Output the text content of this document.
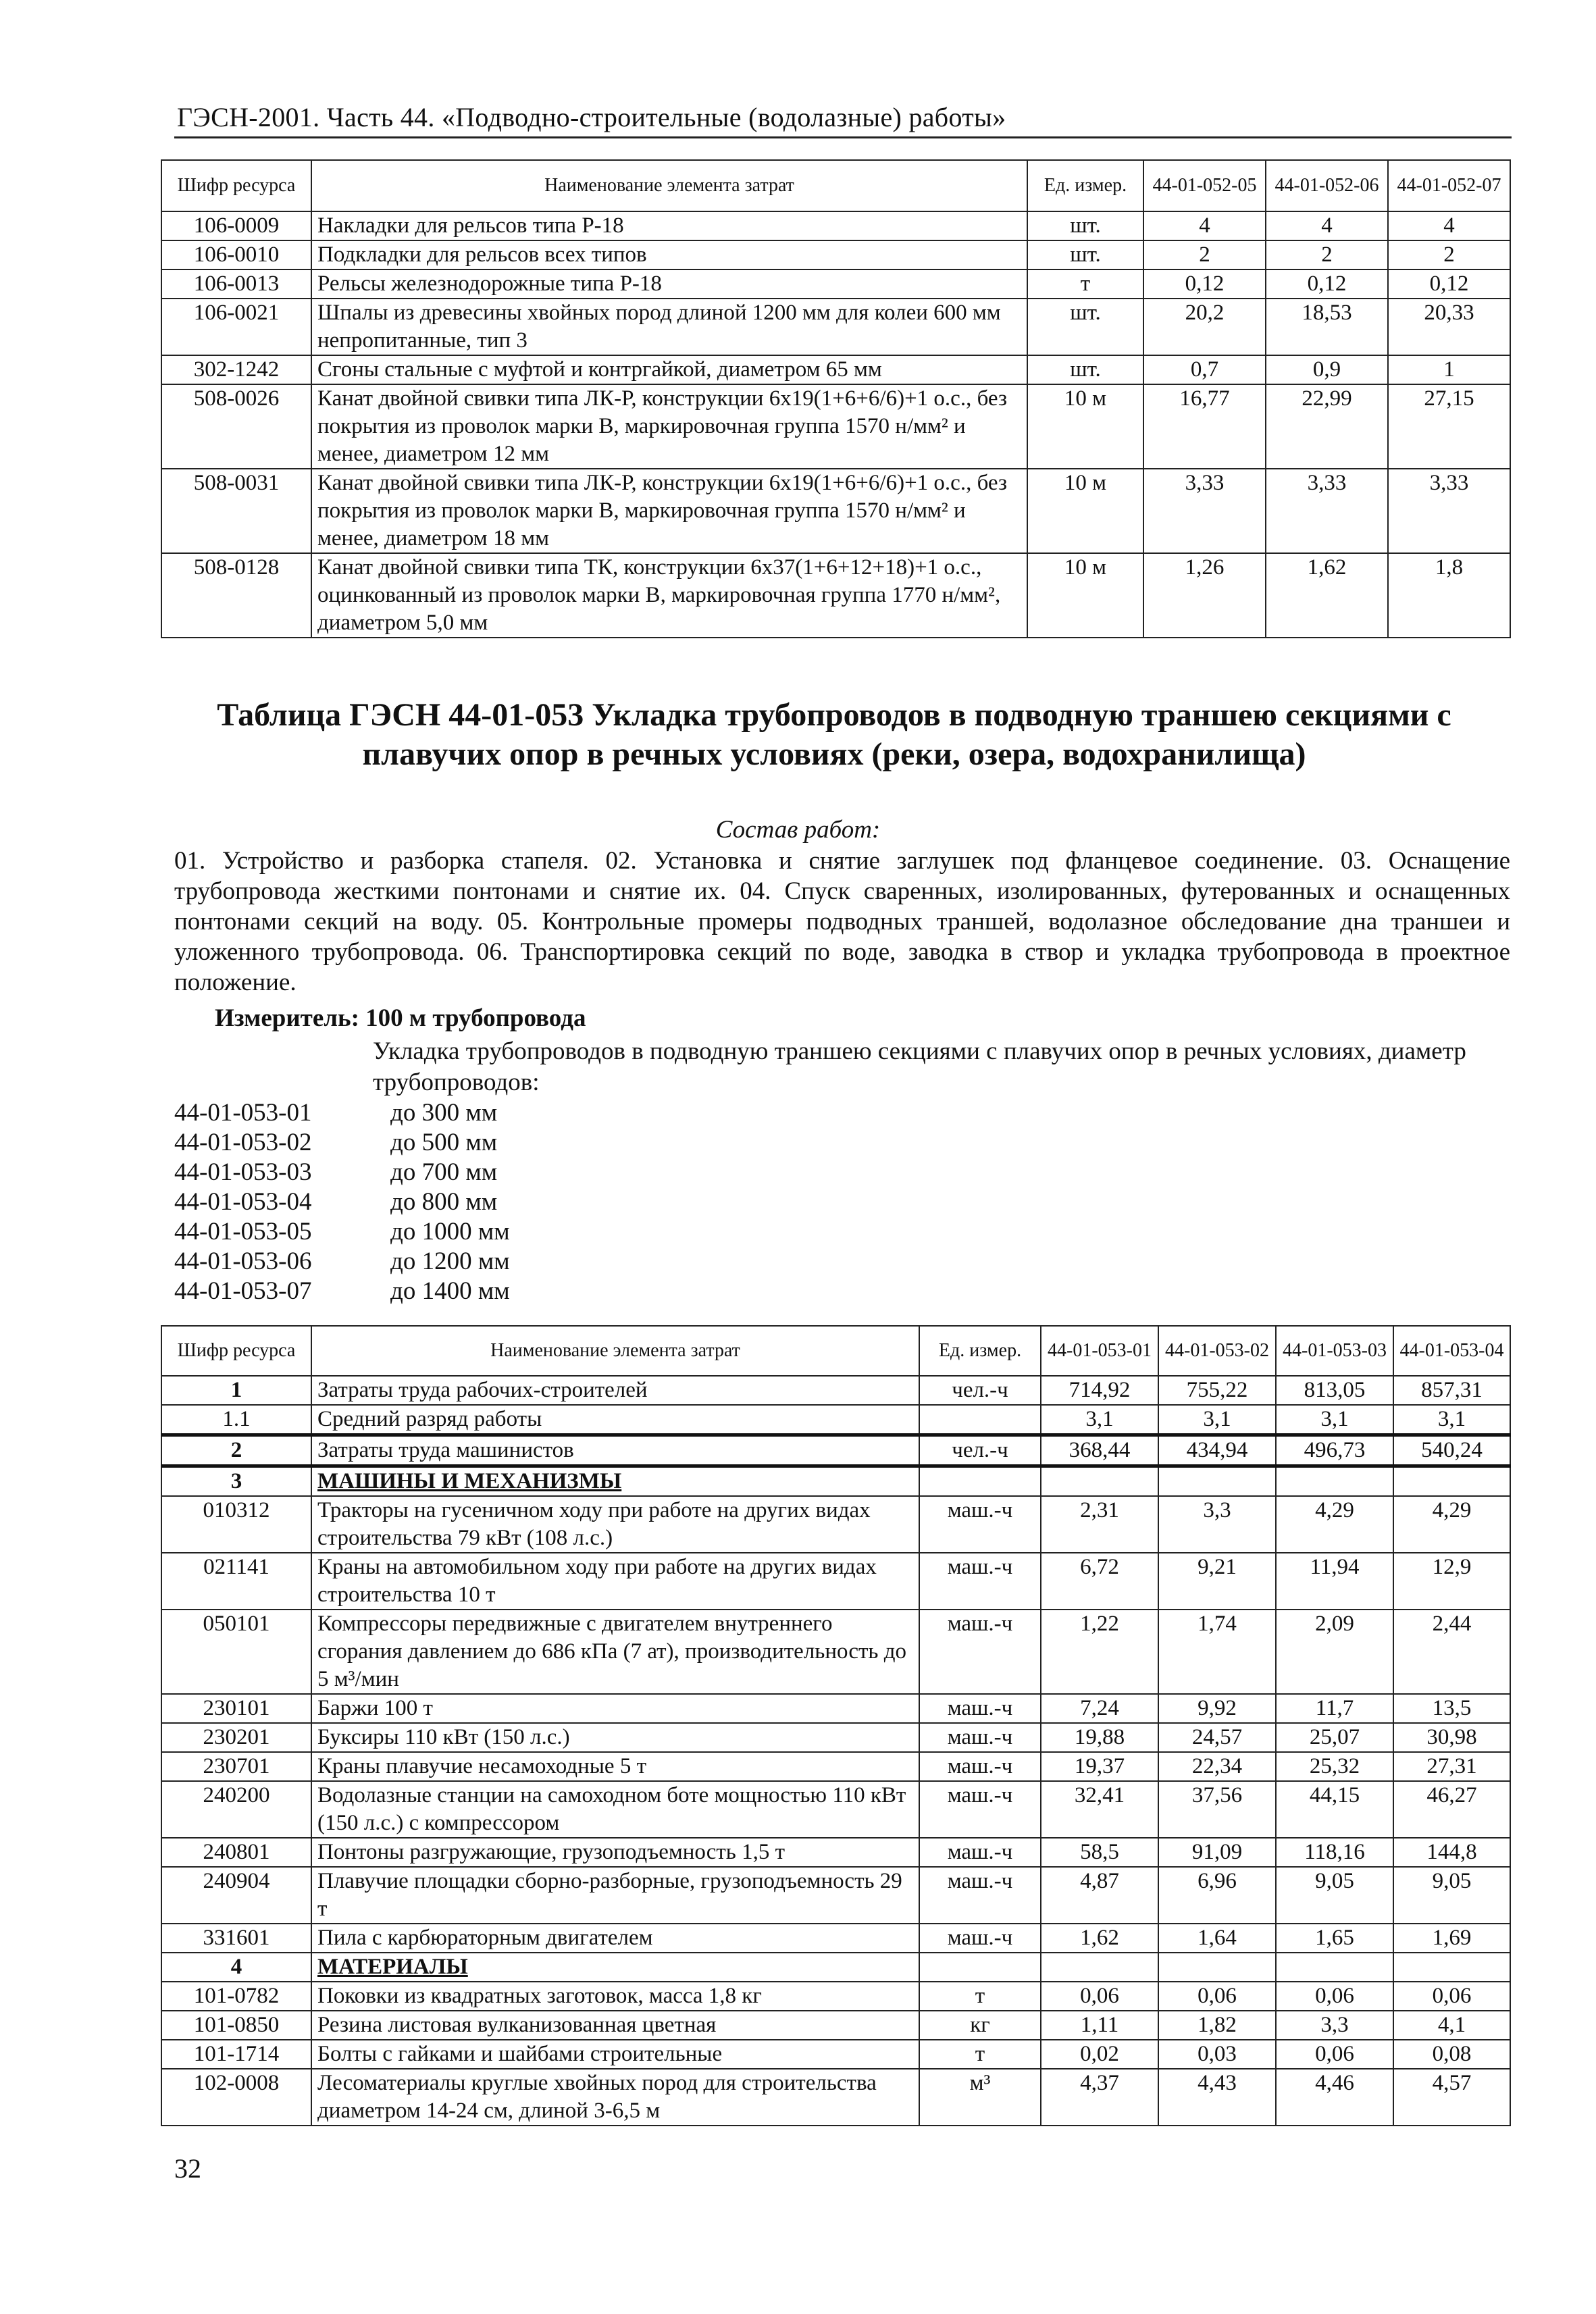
ГЭСН-2001. Часть 44. «Подводно-строительные (водолазные) работы»
Шифр ресурса	Наименование элемента затрат	Ед. измер.	44-01-052-05	44-01-052-06	44-01-052-07
106-0009	Накладки для рельсов типа Р-18	шт.	4	4	4
106-0010	Подкладки для рельсов всех типов	шт.	2	2	2
106-0013	Рельсы железнодорожные типа Р-18	т	0,12	0,12	0,12
106-0021	Шпалы из древесины хвойных пород длиной 1200 мм для колеи 600 мм непропитанные, тип 3	шт.	20,2	18,53	20,33
302-1242	Сгоны стальные с муфтой и контргайкой, диаметром 65 мм	шт.	0,7	0,9	1
508-0026	Канат двойной свивки типа ЛК-Р, конструкции 6х19(1+6+6/6)+1 о.с., без покрытия из проволок марки В, маркировочная группа 1570 н/мм² и менее, диаметром 12 мм	10 м	16,77	22,99	27,15
508-0031	Канат двойной свивки типа ЛК-Р, конструкции 6х19(1+6+6/6)+1 о.с., без покрытия из проволок марки В, маркировочная группа 1570 н/мм² и менее, диаметром 18 мм	10 м	3,33	3,33	3,33
508-0128	Канат двойной свивки типа ТК, конструкции 6х37(1+6+12+18)+1 о.с., оцинкованный из проволок марки В, маркировочная группа 1770 н/мм², диаметром 5,0 мм	10 м	1,26	1,62	1,8
Таблица ГЭСН 44-01-053 Укладка трубопроводов в подводную траншею секциями с плавучих опор в речных условиях (реки, озера, водохранилища)
Состав работ:
01. Устройство и разборка стапеля. 02. Установка и снятие заглушек под фланцевое соединение. 03. Оснащение трубопровода жесткими понтонами и снятие их. 04. Спуск сваренных, изолированных, футерованных и оснащенных понтонами секций на воду. 05. Контрольные промеры подводных траншей, водолазное обследование дна траншеи и уложенного трубопровода. 06. Транспортировка секций по воде, заводка в створ и укладка трубопровода в проектное положение.
Измеритель: 100 м трубопровода
Укладка трубопроводов в подводную траншею секциями с плавучих опор в речных условиях, диаметр трубопроводов:
44-01-053-01	до 300 мм
44-01-053-02	до 500 мм
44-01-053-03	до 700 мм
44-01-053-04	до 800 мм
44-01-053-05	до 1000 мм
44-01-053-06	до 1200 мм
44-01-053-07	до 1400 мм
Шифр ресурса	Наименование элемента затрат	Ед. измер.	44-01-053-01	44-01-053-02	44-01-053-03	44-01-053-04
1	Затраты труда рабочих-строителей	чел.-ч	714,92	755,22	813,05	857,31
1.1	Средний разряд работы		3,1	3,1	3,1	3,1
2	Затраты труда машинистов	чел.-ч	368,44	434,94	496,73	540,24
3	МАШИНЫ И МЕХАНИЗМЫ					
010312	Тракторы на гусеничном ходу при работе на других видах строительства 79 кВт (108 л.с.)	маш.-ч	2,31	3,3	4,29	4,29
021141	Краны на автомобильном ходу при работе на других видах строительства 10 т	маш.-ч	6,72	9,21	11,94	12,9
050101	Компрессоры передвижные с двигателем внутреннего сгорания давлением до 686 кПа (7 ат), производительность до 5 м³/мин	маш.-ч	1,22	1,74	2,09	2,44
230101	Баржи 100 т	маш.-ч	7,24	9,92	11,7	13,5
230201	Буксиры 110 кВт (150 л.с.)	маш.-ч	19,88	24,57	25,07	30,98
230701	Краны плавучие несамоходные 5 т	маш.-ч	19,37	22,34	25,32	27,31
240200	Водолазные станции на самоходном боте мощностью 110 кВт (150 л.с.) с компрессором	маш.-ч	32,41	37,56	44,15	46,27
240801	Понтоны разгружающие, грузоподъемность 1,5 т	маш.-ч	58,5	91,09	118,16	144,8
240904	Плавучие площадки сборно-разборные, грузоподъемность 29 т	маш.-ч	4,87	6,96	9,05	9,05
331601	Пила с карбюраторным двигателем	маш.-ч	1,62	1,64	1,65	1,69
4	МАТЕРИАЛЫ					
101-0782	Поковки из квадратных заготовок, масса 1,8 кг	т	0,06	0,06	0,06	0,06
101-0850	Резина листовая вулканизованная цветная	кг	1,11	1,82	3,3	4,1
101-1714	Болты с гайками и шайбами строительные	т	0,02	0,03	0,06	0,08
102-0008	Лесоматериалы круглые хвойных пород для строительства диаметром 14-24 см, длиной 3-6,5 м	м³	4,37	4,43	4,46	4,57
32
